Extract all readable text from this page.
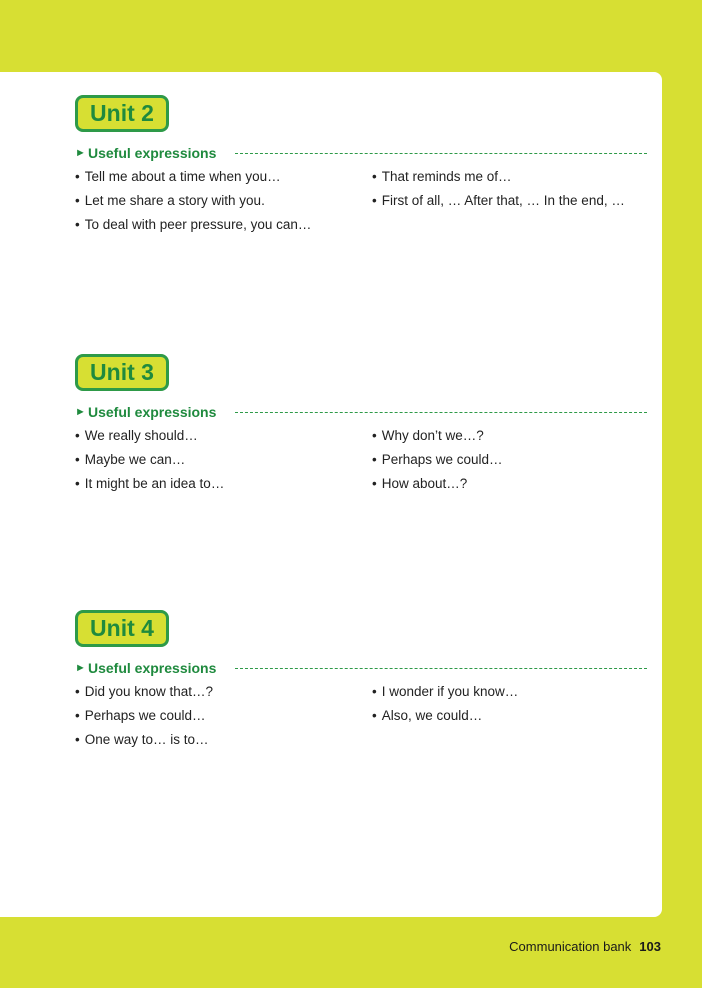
Unit 2
► Useful expressions
• Tell me about a time when you…
• Let me share a story with you.
• To deal with peer pressure, you can…
• That reminds me of…
• First of all, … After that, … In the end, …
Unit 3
► Useful expressions
• We really should…
• Maybe we can…
• It might be an idea to…
• Why don’t we…?
• Perhaps we could…
• How about…?
Unit 4
► Useful expressions
• Did you know that…?
• Perhaps we could…
• One way to… is to…
• I wonder if you know…
• Also, we could…
Communication bank 103
